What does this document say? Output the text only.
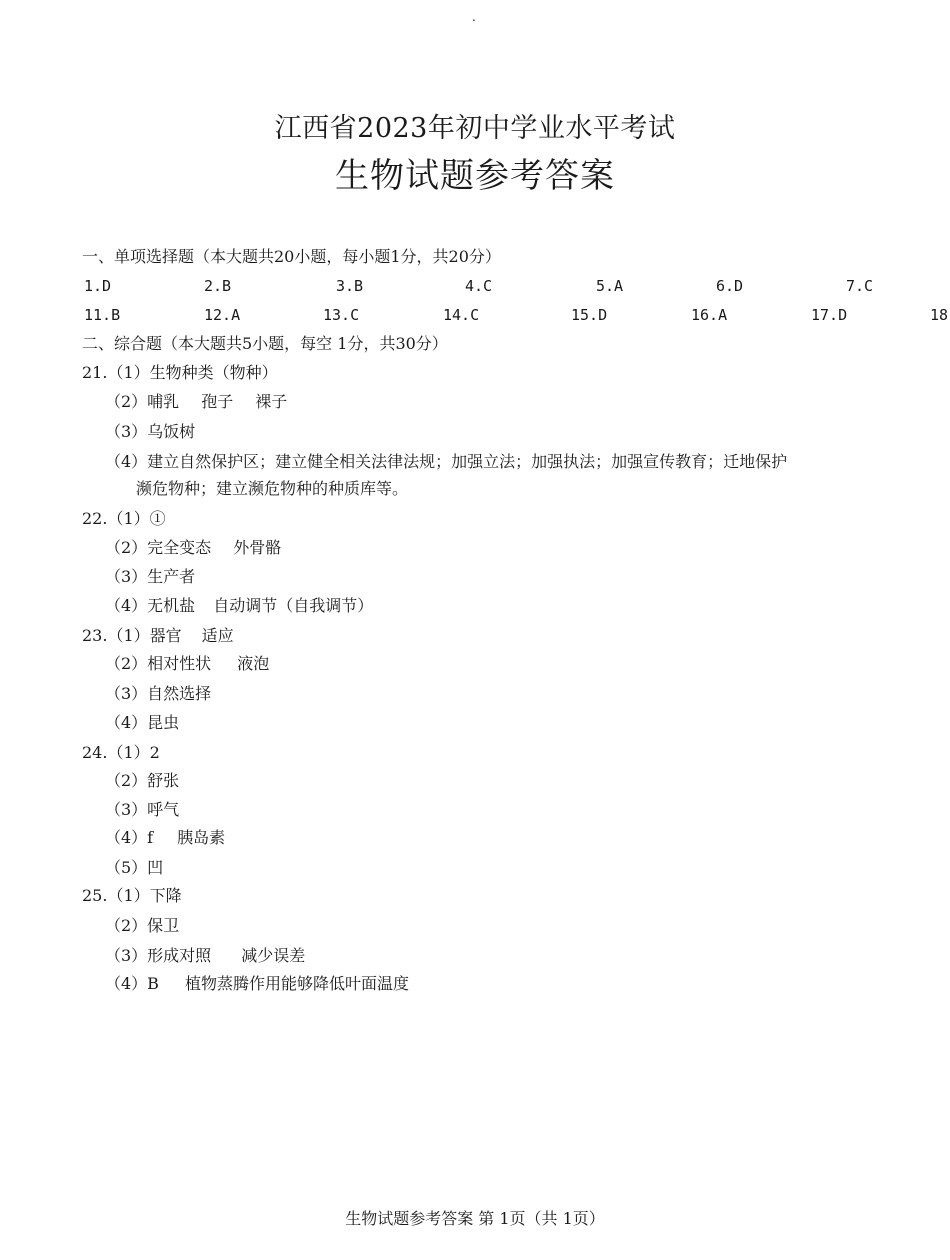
.
江西省2023年初中学业水平考试
生物试题参考答案
一、单项选择题（本大题共20小题，每小题1分，共20分）
1.D	2.B	3.B	4.C	5.A	6.D	7.C
11.B	12.A	13.C	14.C	15.D	16.A	17.D	18
二、综合题（本大题共5小题，每空 1分，共30分）
21.（1）生物种类（物种）
（2）哺乳 孢子 裸子
（3）乌饭树
（4）建立自然保护区；建立健全相关法律法规；加强立法；加强执法；加强宣传教育；迁地保护
濒危物种；建立濒危物种的种质库等。
22.（1）①
（2）完全变态 外骨骼
（3）生产者
（4）无机盐 自动调节（自我调节）
23.（1）器官 适应
（2）相对性状 液泡
（3）自然选择
（4）昆虫
24.（1）2
（2）舒张
（3）呼气
（4）f 胰岛素
（5）凹
25.（1）下降
（2）保卫
（3）形成对照 减少误差
（4）B 植物蒸腾作用能够降低叶面温度
生物试题参考答案 第 1页（共 1页）
